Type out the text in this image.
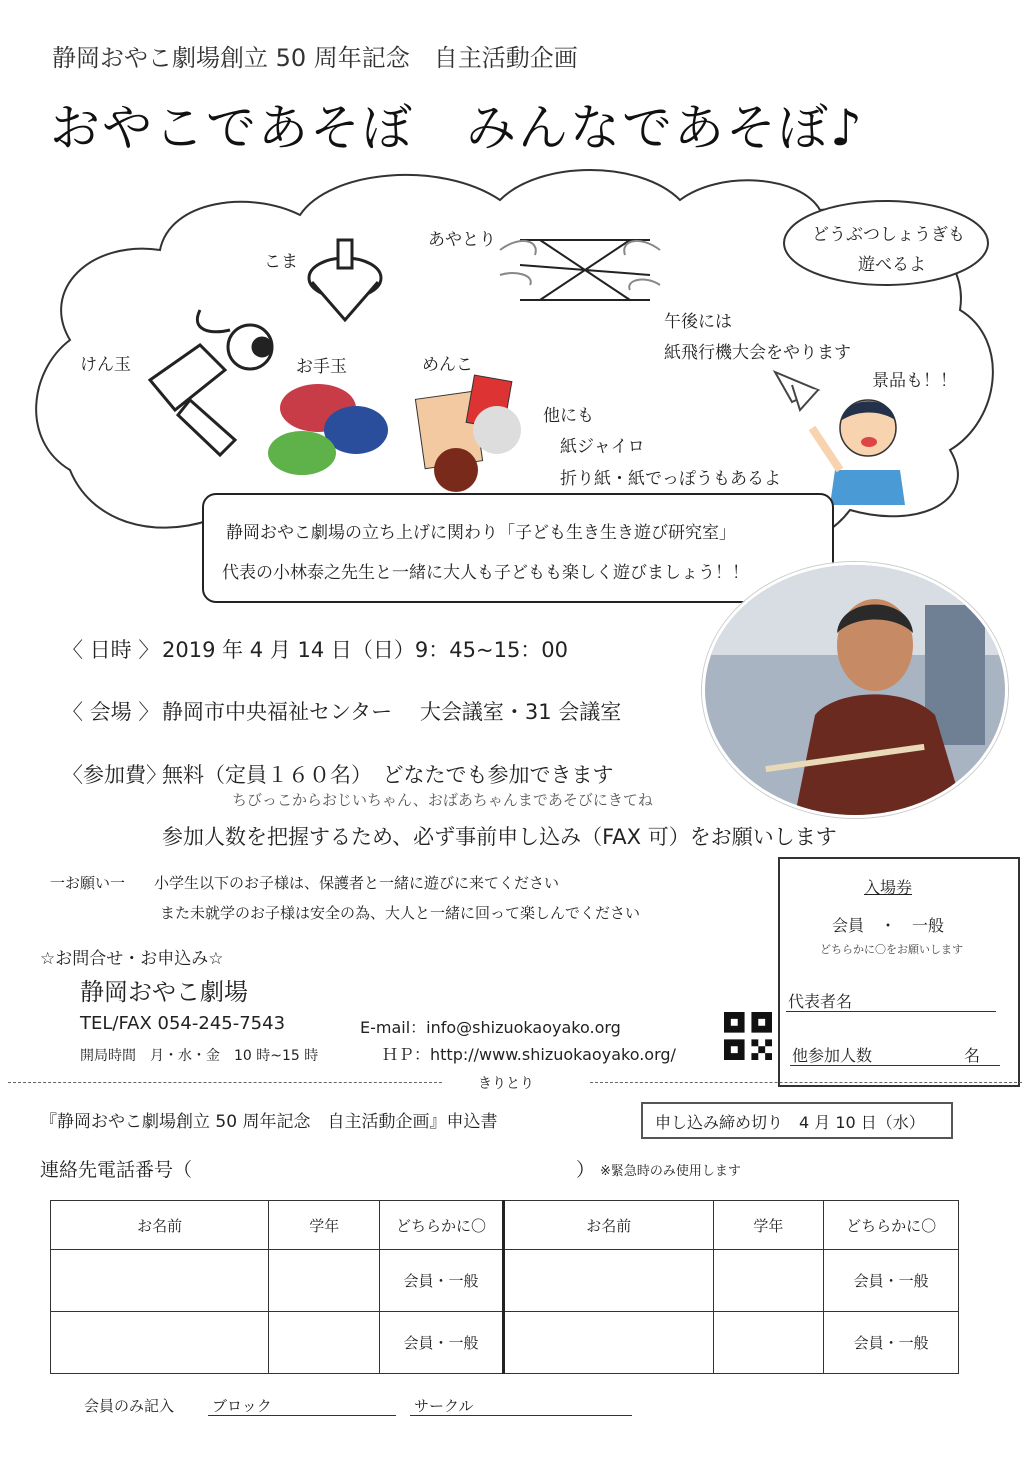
静岡おやこ劇場創立 50 周年記念　自主活動企画
おやこであそぼ　みんなであそぼ♪
こま
あやとり
けん玉	お手玉	めんこ
他にも
紙ジャイロ
折り紙・紙でっぽうもあるよ
午後には
紙飛行機大会をやります
景品も！！
どうぶつしょうぎも
遊べるよ
静岡おやこ劇場の立ち上げに関わり「子ども生き生き遊び研究室」
代表の小林泰之先生と一緒に大人も子どもも楽しく遊びましょう！！
〈 日時 〉 2019 年 4 月 14 日（日）9：45~15：00
〈 会場 〉 静岡市中央福祉センター　 大会議室・31 会議室
〈参加費〉
無料（定員１６０名）　どなたでも参加できます
ちびっこからおじいちゃん、おばあちゃんまであそびにきてね
参加人数を把握するため、必ず事前申し込み（FAX 可）をお願いします
一お願い一 小学生以下のお子様は、保護者と一緒に遊びに来てください
また未就学のお子様は安全の為、大人と一緒に回って楽しんでください
☆お問合せ・お申込み☆
静岡おやこ劇場
TEL/FAX 054-245-7543	E-mail：info@shizuokaoyako.org
開局時間　月・水・金　10 時~15 時	ＨＰ：http://www.shizuokaoyako.org/
入場券
会員　・　一般
どちらかに〇をお願いします
代表者名
他参加人数	名
きりとり
『静岡おやこ劇場創立 50 周年記念　自主活動企画』申込書	申し込み締め切り　4 月 10 日（水）
連絡先電話番号（	） ※緊急時のみ使用します
お名前	学年	どちらかに〇	お名前	学年	どちらかに〇
		会員・一般			会員・一般
		会員・一般			会員・一般
会員のみ記入	ブロック	サークル
